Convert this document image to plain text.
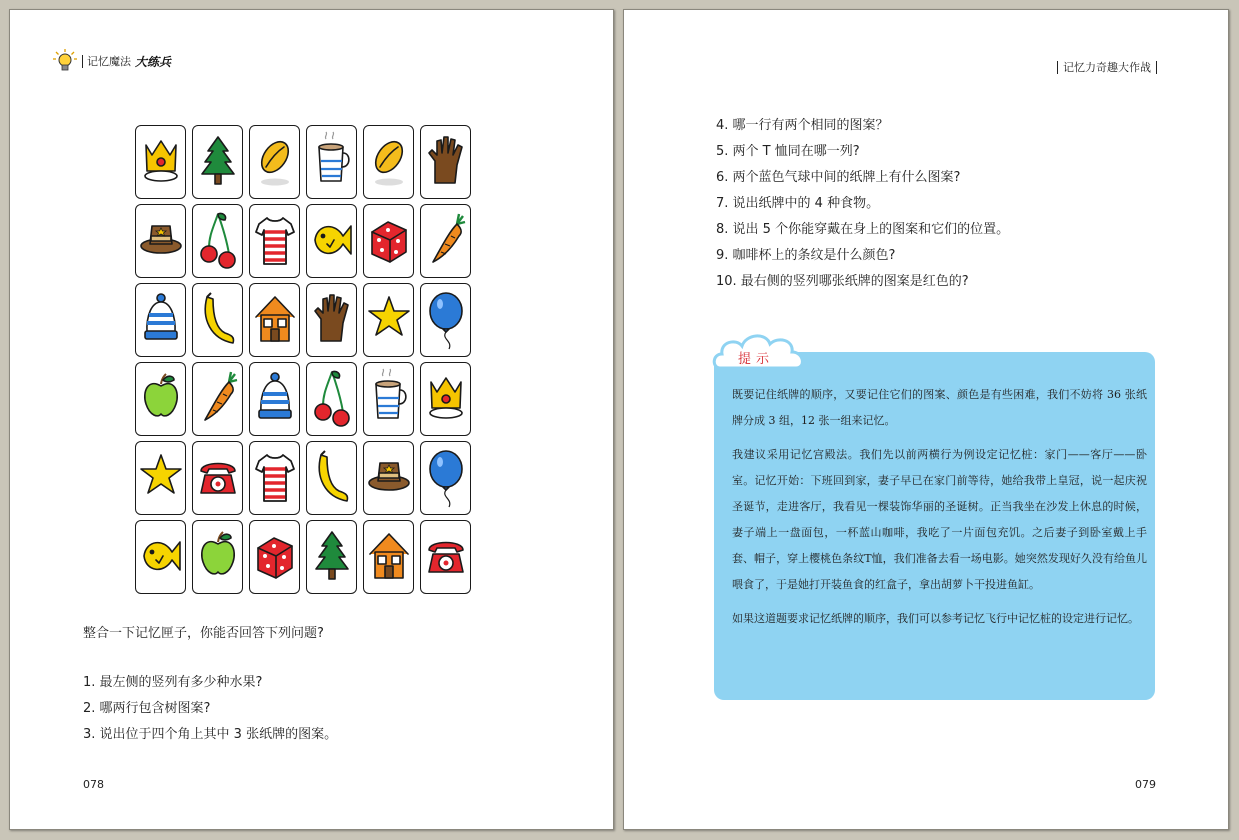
记忆魔法 大练兵
整合一下记忆匣子，你能否回答下列问题?
1. 最左侧的竖列有多少种水果?
2. 哪两行包含树图案?
3. 说出位于四个角上其中 3 张纸牌的图案。
078
记忆力奇趣大作战
4. 哪一行有两个相同的图案？
5. 两个 T 恤同在哪一列?
6. 两个蓝色气球中间的纸牌上有什么图案?
7. 说出纸牌中的 4 种食物。
8. 说出 5 个你能穿戴在身上的图案和它们的位置。
9. 咖啡杯上的条纹是什么颜色?
10. 最右侧的竖列哪张纸牌的图案是红色的?
提示

既要记住纸牌的顺序，又要记住它们的图案、颜色是有些困难，我们不妨将 36 张纸牌分成 3 组，12 张一组来记忆。

我建议采用记忆宫殿法。我们先以前两横行为例设定记忆桩：家门——客厅——卧室。记忆开始：下班回到家，妻子早已在家门前等待，她给我带上皇冠，说一起庆祝圣诞节，走进客厅，我看见一棵装饰华丽的圣诞树。正当我坐在沙发上休息的时候，妻子端上一盘面包，一杯蓝山咖啡，我吃了一片面包充饥。之后妻子到卧室戴上手套、帽子，穿上樱桃色条纹T恤，我们准备去看一场电影。她突然发现好久没有给鱼儿喂食了，于是她打开装鱼食的红盒子，拿出胡萝卜干投进鱼缸。

如果这道题要求记忆纸牌的顺序，我们可以参考记忆飞行中记忆桩的设定进行记忆。

079
